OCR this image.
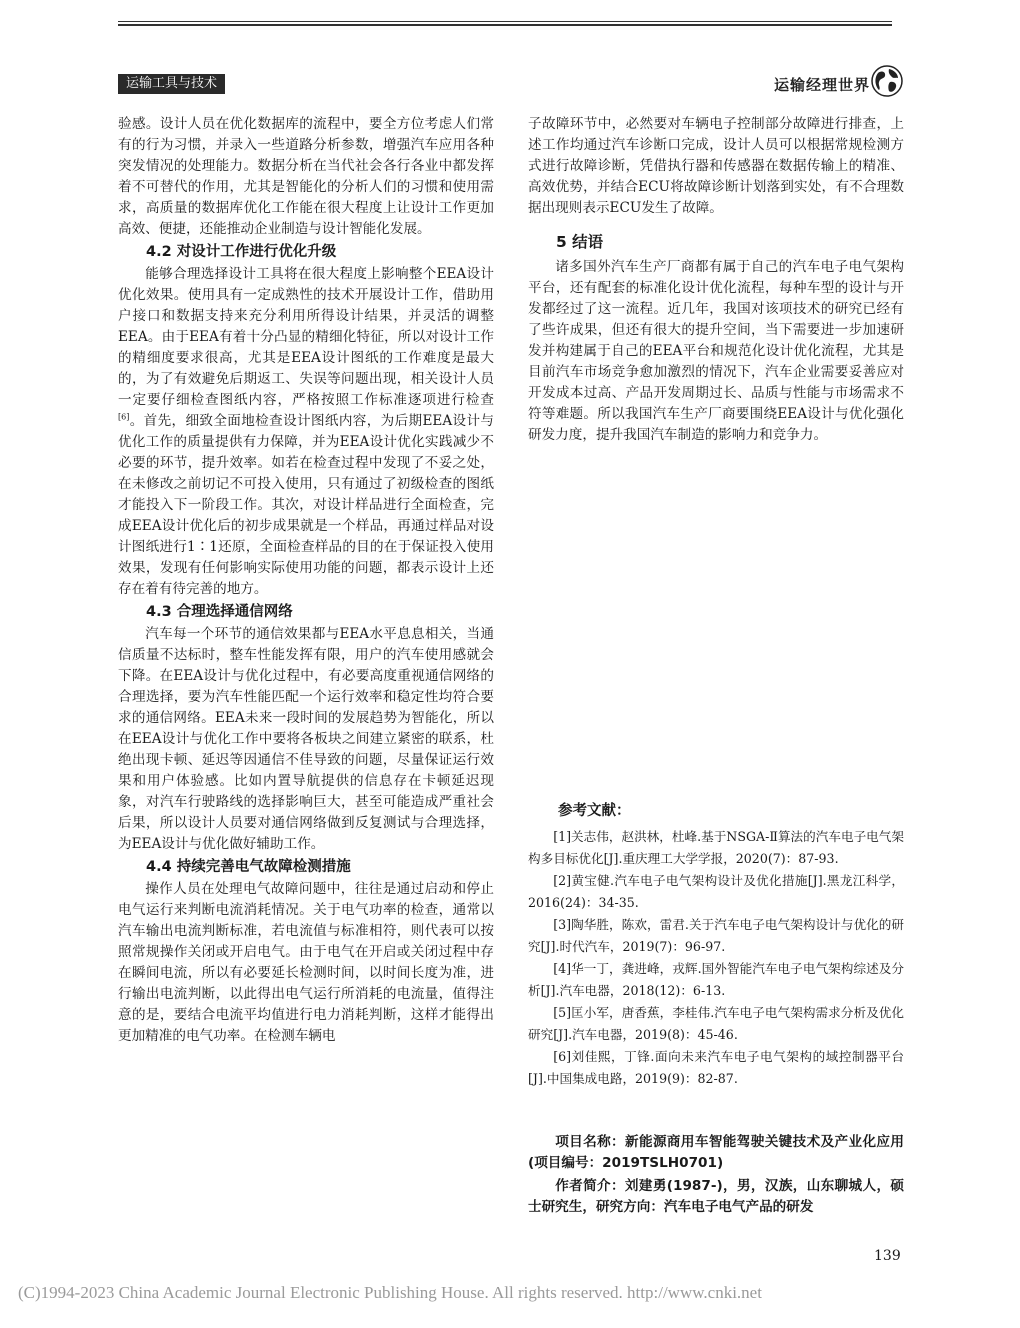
运输工具与技术	运输经理世界

验感。设计人员在优化数据库的流程中，要全方位考虑人们常有的行为习惯，并录入一些道路分析参数，增强汽车应用各种突发情况的处理能力。数据分析在当代社会各行各业中都发挥着不可替代的作用，尤其是智能化的分析人们的习惯和使用需求，高质量的数据库优化工作能在很大程度上让设计工作更加高效、便捷，还能推动企业制造与设计智能化发展。

4.2 对设计工作进行优化升级

能够合理选择设计工具将在很大程度上影响整个EEA设计优化效果。使用具有一定成熟性的技术开展设计工作，借助用户接口和数据支持来充分利用所得设计结果，并灵活的调整EEA。由于EEA有着十分凸显的精细化特征，所以对设计工作的精细度要求很高，尤其是EEA设计图纸的工作难度是最大的，为了有效避免后期返工、失误等问题出现，相关设计人员一定要仔细检查图纸内容，严格按照工作标准逐项进行检查[6]。首先，细致全面地检查设计图纸内容，为后期EEA设计与优化工作的质量提供有力保障，并为EEA设计优化实践减少不必要的环节，提升效率。如若在检查过程中发现了不妥之处，在未修改之前切记不可投入使用，只有通过了初级检查的图纸才能投入下一阶段工作。其次，对设计样品进行全面检查，完成EEA设计优化后的初步成果就是一个样品，再通过样品对设计图纸进行1∶1还原，全面检查样品的目的在于保证投入使用效果，发现有任何影响实际使用功能的问题，都表示设计上还存在着有待完善的地方。

4.3 合理选择通信网络

汽车每一个环节的通信效果都与EEA水平息息相关，当通信质量不达标时，整车性能发挥有限，用户的汽车使用感就会下降。在EEA设计与优化过程中，有必要高度重视通信网络的合理选择，要为汽车性能匹配一个运行效率和稳定性均符合要求的通信网络。EEA未来一段时间的发展趋势为智能化，所以在EEA设计与优化工作中要将各板块之间建立紧密的联系，杜绝出现卡顿、延迟等因通信不佳导致的问题，尽量保证运行效果和用户体验感。比如内置导航提供的信息存在卡顿延迟现象，对汽车行驶路线的选择影响巨大，甚至可能造成严重社会后果，所以设计人员要对通信网络做到反复测试与合理选择，为EEA设计与优化做好辅助工作。

4.4 持续完善电气故障检测措施

操作人员在处理电气故障问题中，往往是通过启动和停止电气运行来判断电流消耗情况。关于电气功率的检查，通常以汽车输出电流判断标准，若电流值与标准相符，则代表可以按照常规操作关闭或开启电气。由于电气在开启或关闭过程中存在瞬间电流，所以有必要延长检测时间，以时间长度为准，进行输出电流判断，以此得出电气运行所消耗的电流量，值得注意的是，要结合电流平均值进行电力消耗判断，这样才能得出更加精准的电气功率。在检测车辆电

子故障环节中，必然要对车辆电子控制部分故障进行排查，上述工作均通过汽车诊断口完成，设计人员可以根据常规检测方式进行故障诊断，凭借执行器和传感器在数据传输上的精准、高效优势，并结合ECU将故障诊断计划落到实处，有不合理数据出现则表示ECU发生了故障。

5 结语

诸多国外汽车生产厂商都有属于自己的汽车电子电气架构平台，还有配套的标准化设计优化流程，每种车型的设计与开发都经过了这一流程。近几年，我国对该项技术的研究已经有了些许成果，但还有很大的提升空间，当下需要进一步加速研发并构建属于自己的EEA平台和规范化设计优化流程，尤其是目前汽车市场竞争愈加激烈的情况下，汽车企业需要妥善应对开发成本过高、产品开发周期过长、品质与性能与市场需求不符等难题。所以我国汽车生产厂商要围绕EEA设计与优化强化研发力度，提升我国汽车制造的影响力和竞争力。

参考文献：

[1]关志伟，赵洪林，杜峰.基于NSGA-Ⅱ算法的汽车电子电气架构多目标优化[J].重庆理工大学学报，2020(7)：87-93.

[2]黄宝健.汽车电子电气架构设计及优化措施[J].黑龙江科学，2016(24)：34-35.

[3]陶华胜，陈欢，雷君.关于汽车电子电气架构设计与优化的研究[J].时代汽车，2019(7)：96-97.

[4]华一丁，龚进峰，戎辉.国外智能汽车电子电气架构综述及分析[J].汽车电器，2018(12)：6-13.

[5]匡小军，唐香蕉，李桂伟.汽车电子电气架构需求分析及优化研究[J].汽车电器，2019(8)：45-46.

[6]刘佳熙，丁锋.面向未来汽车电子电气架构的域控制器平台[J].中国集成电路，2019(9)：82-87.

项目名称：新能源商用车智能驾驶关键技术及产业化应用(项目编号：2019TSLH0701)

作者简介：刘建勇(1987-)，男，汉族，山东聊城人，硕士研究生，研究方向：汽车电子电气产品的研发

139
(C)1994-2023 China Academic Journal Electronic Publishing House. All rights reserved. http://www.cnki.net
